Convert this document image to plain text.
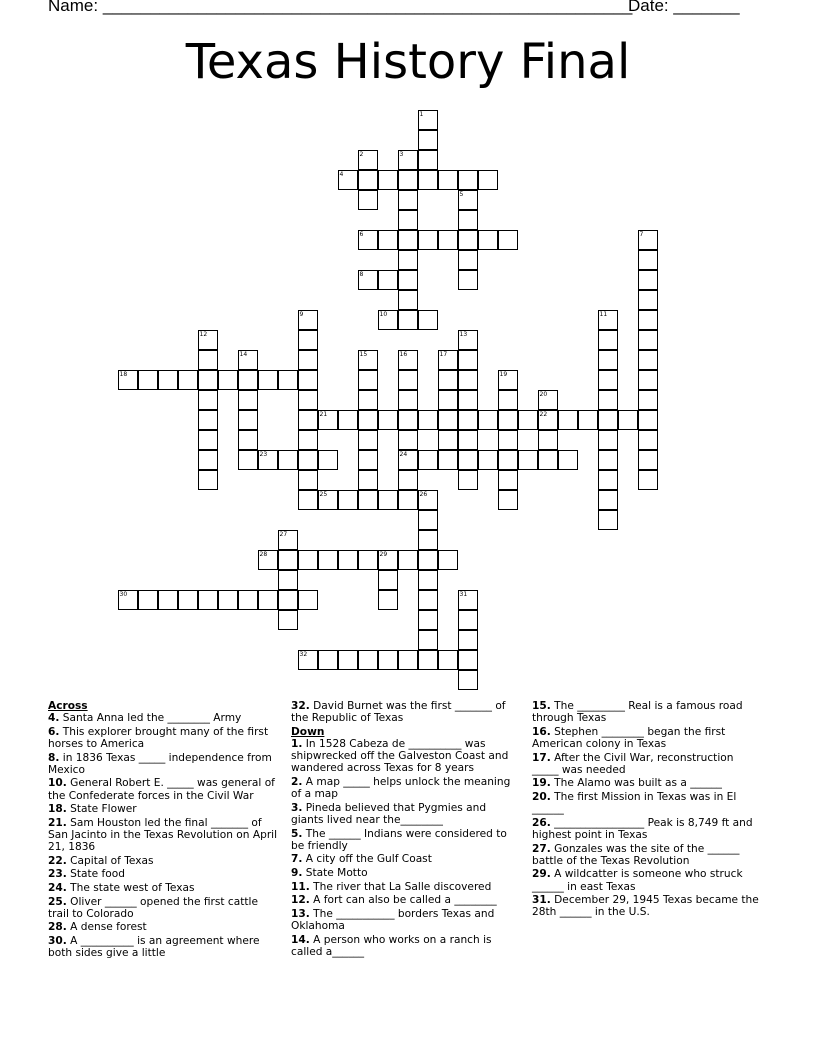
Name: ________________________________________________________
Date: _______
Texas History Final
1
2	3
4
5
6	7
8
9	10	11
12	13
14	15	16
24
17
18	19
20
22
21
23
25	26
27
28	29
30	31
32
Across
4. Santa Anna led the ________ Army
6. This explorer brought many of the first horses to America
8. in 1836 Texas _____ independence from Mexico
10. General Robert E. _____ was general of the Confederate forces in the Civil War
18. State Flower
21. Sam Houston led the final _______ of San Jacinto in the Texas Revolution on April 21, 1836
22. Capital of Texas
23. State food
24. The state west of Texas
25. Oliver ______ opened the first cattle trail to Colorado
28. A dense forest
30. A __________ is an agreement where both sides give a little
32. David Burnet was the first _______ of the Republic of Texas
Down
1. In 1528 Cabeza de __________ was shipwrecked off the Galveston Coast and wandered across Texas for 8 years
2. A map _____ helps unlock the meaning of a map
3. Pineda believed that Pygmies and giants lived near the________
5. The ______ Indians were considered to be friendly
7. A city off the Gulf Coast
9. State Motto
11. The river that La Salle discovered
12. A fort can also be called a ________
13. The ___________ borders Texas and Oklahoma
14. A person who works on a ranch is called a______
15. The _________ Real is a famous road through Texas
16. Stephen ________ began the first American colony in Texas
17. After the Civil War, reconstruction _____ was needed
19. The Alamo was built as a ______
20. The first Mission in Texas was in El ______
26. _________________ Peak is 8,749 ft and highest point in Texas
27. Gonzales was the site of the ______ battle of the Texas Revolution
29. A wildcatter is someone who struck ______ in east Texas
31. December 29, 1945 Texas became the 28th ______ in the U.S.
